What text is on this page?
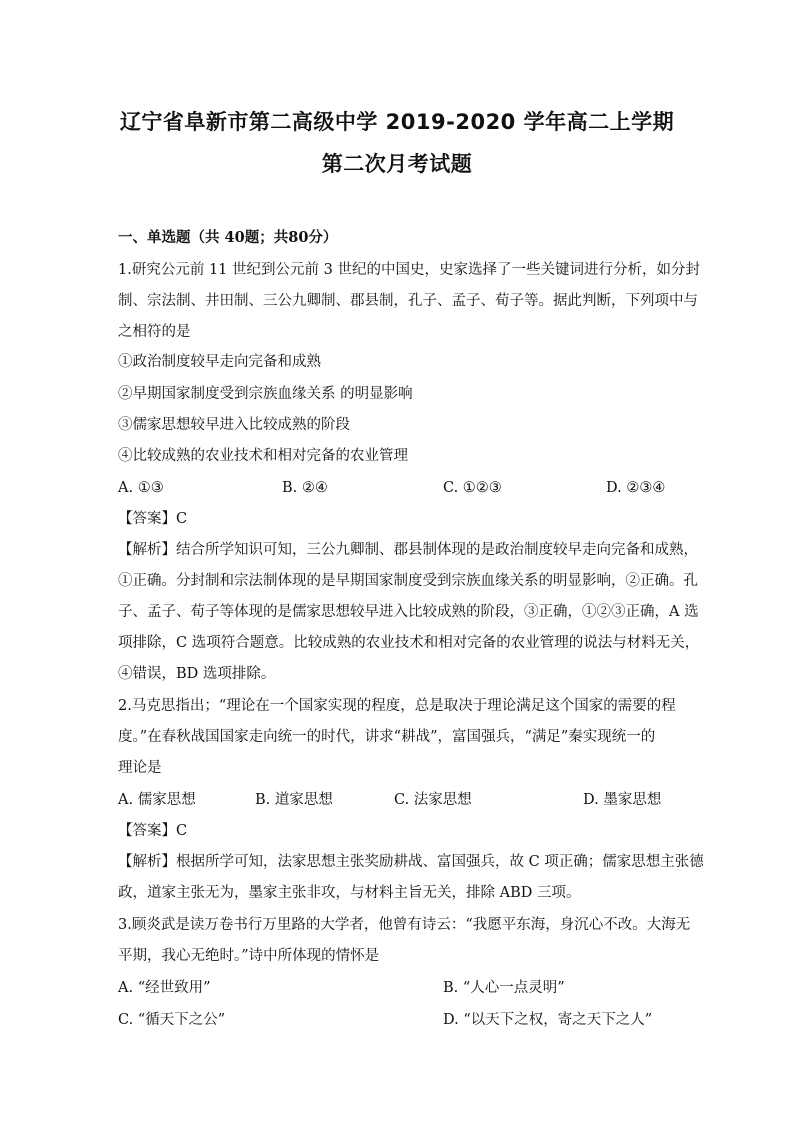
辽宁省阜新市第二高级中学 2019-2020 学年高二上学期
第二次月考试题
一、单选题（共 40题；共80分）
1.研究公元前 11 世纪到公元前 3 世纪的中国史，史家选择了一些关键词进行分析，如分封
制、宗法制、井田制、三公九卿制、郡县制，孔子、孟子、荀子等。据此判断，下列项中与
之相符的是
①政治制度较早走向完备和成熟
②早期国家制度受到宗族血缘关系 的明显影响
③儒家思想较早进入比较成熟的阶段
④比较成熟的农业技术和相对完备的农业管理
A. ①③	B. ②④	C. ①②③	D. ②③④
【答案】C
【解析】结合所学知识可知，三公九卿制、郡县制体现的是政治制度较早走向完备和成熟，
①正确。分封制和宗法制体现的是早期国家制度受到宗族血缘关系的明显影响，②正确。孔
子、孟子、荀子等体现的是儒家思想较早进入比较成熟的阶段，③正确，①②③正确，A 选
项排除，C 选项符合题意。比较成熟的农业技术和相对完备的农业管理的说法与材料无关，
④错误，BD 选项排除。
2.马克思指出；“理论在一个国家实现的程度，总是取决于理论满足这个国家的需要的程
度。”在春秋战国国家走向统一的时代，讲求“耕战”，富国强兵，“满足”秦实现统一的
理论是
A. 儒家思想	B. 道家思想	C. 法家思想	D. 墨家思想
【答案】C
【解析】根据所学可知，法家思想主张奖励耕战、富国强兵，故 C 项正确；儒家思想主张德
政，道家主张无为，墨家主张非攻，与材料主旨无关，排除 ABD 三项。
3.顾炎武是读万卷书行万里路的大学者，他曾有诗云：“我愿平东海，身沉心不改。大海无
平期，我心无绝时。”诗中所体现的情怀是
A. “经世致用”	B. “人心一点灵明”
C. “循天下之公”	D. “以天下之权，寄之天下之人”
